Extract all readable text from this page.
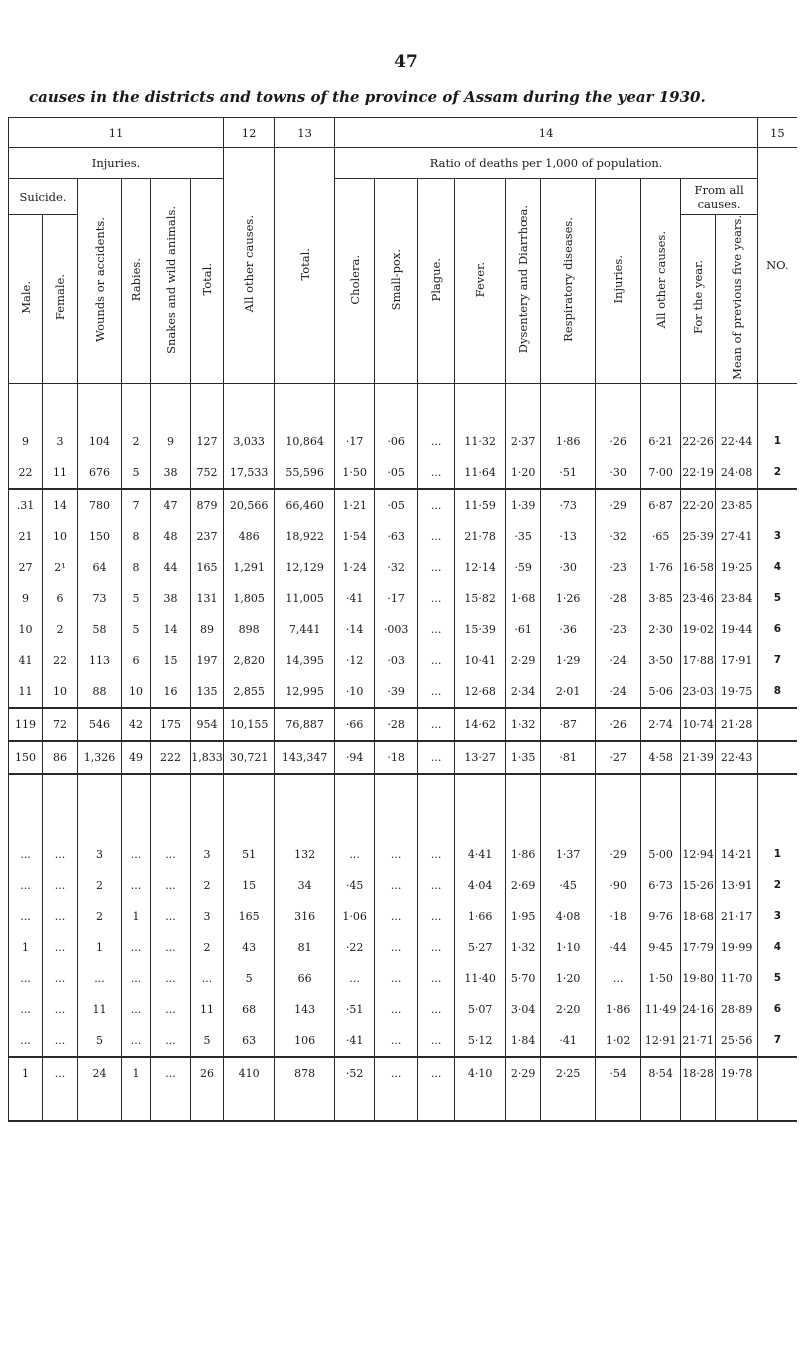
47
causes in the districts and towns of the province of Assam during the year 1930.
11						12	13	14										15
Injuries.						All other causes.	Total.	Ratio of deaths per 1,000 of population.										NO.
Suicide.		Wounds or accidents.	Rabies.	Snakes and wild animals.	Total.			Cholera.	Small-pox.	Plague.	Fever.	Dysentery and Diarrhœa.	Respiratory diseases.	Injuries.	All other causes.	From all causes.		
Male.	Female.															For the year.	Mean of previous five years.	

9	3	104	2	9	127	3,033	10,864	·17	·06	...	11·32	2·37	1·86	·26	6·21	22·26	22·44	1
22	11	676	5	38	752	17,533	55,596	1·50	·05	...	11·64	1·20	·51	·30	7·00	22·19	24·08	2
.31	14	780	7	47	879	20,566	66,460	1·21	·05	...	11·59	1·39	·73	·29	6·87	22·20	23·85	
21	10	150	8	48	237	486	18,922	1·54	·63	...	21·78	·35	·13	·32	·65	25·39	27·41	3
27	2¹	64	8	44	165	1,291	12,129	1·24	·32	...	12·14	·59	·30	·23	1·76	16·58	19·25	4
9	6	73	5	38	131	1,805	11,005	·41	·17	...	15·82	1·68	1·26	·28	3·85	23·46	23·84	5
10	2	58	5	14	89	898	7,441	·14	·003	...	15·39	·61	·36	·23	2·30	19·02	19·44	6
41	22	113	6	15	197	2,820	14,395	·12	·03	...	10·41	2·29	1·29	·24	3·50	17·88	17·91	7
11	10	88	10	16	135	2,855	12,995	·10	·39	...	12·68	2·34	2·01	·24	5·06	23·03	19·75	8
119	72	546	42	175	954	10,155	76,887	·66	·28	...	14·62	1·32	·87	·26	2·74	10·74	21·28	
150	86	1,326	49	222	1,833	30,721	143,347	·94	·18	...	13·27	1·35	·81	·27	4·58	21·39	22·43	

...	...	3	...	...	3	51	132	...	...	...	4·41	1·86	1·37	·29	5·00	12·94	14·21	1
...	...	2	...	...	2	15	34	·45	...	...	4·04	2·69	·45	·90	6·73	15·26	13·91	2
...	...	2	1	...	3	165	316	1·06	...	...	1·66	1·95	4·08	·18	9·76	18·68	21·17	3
1	...	1	...	...	2	43	81	·22	...	...	5·27	1·32	1·10	·44	9·45	17·79	19·99	4
...	...	...	...	...	...	5	66	...	...	...	11·40	5·70	1·20	...	1·50	19·80	11·70	5
...	...	11	...	...	11	68	143	·51	...	...	5·07	3·04	2·20	1·86	11·49	24·16	28·89	6
...	...	5	...	...	5	63	106	·41	...	...	5·12	1·84	·41	1·02	12·91	21·71	25·56	7
1	...	24	1	...	26	410	878	·52	...	...	4·10	2·29	2·25	·54	8·54	18·28	19·78	
